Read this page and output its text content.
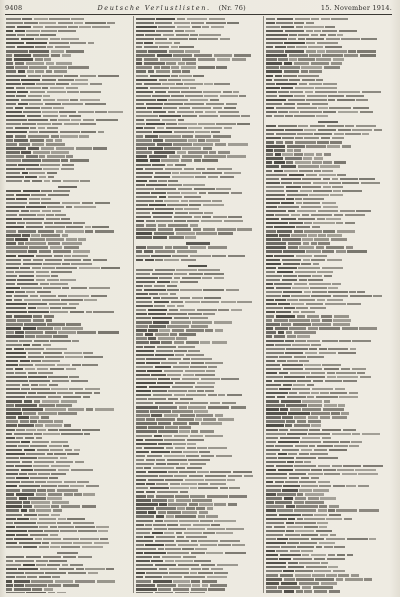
9408	Deutsche Verlustlisten. (Nr. 76)	15. November 1914.
